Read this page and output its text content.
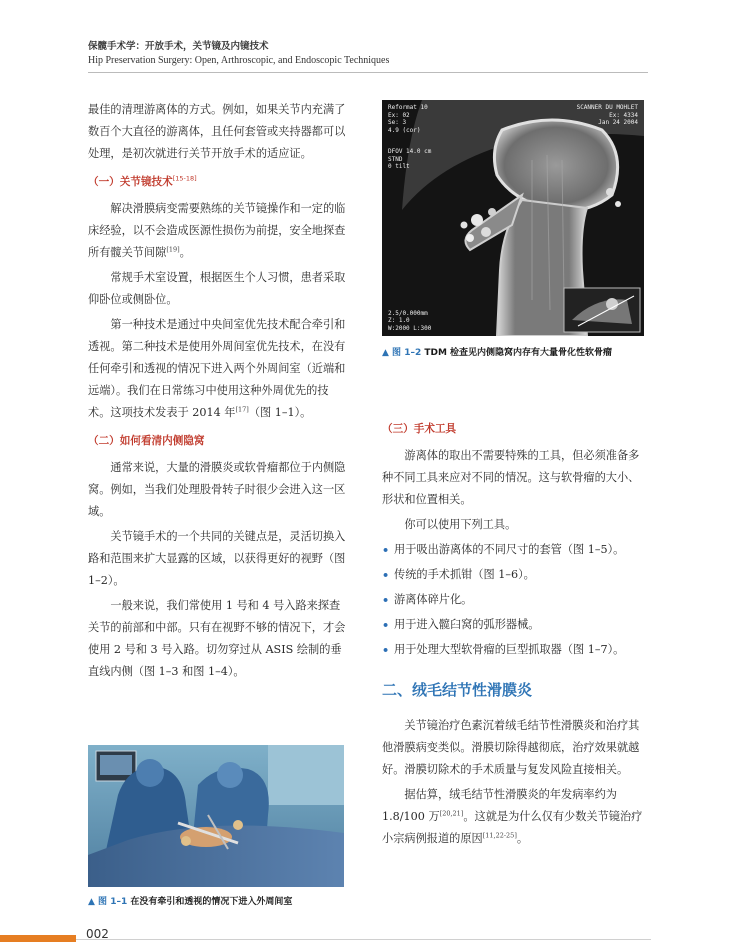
保髋手术学：开放手术，关节镜及内镜技术
Hip Preservation Surgery: Open, Arthroscopic, and Endoscopic Techniques

最佳的清理游离体的方式。例如，如果关节内充满了数百个大直径的游离体，且任何套管或夹持器都可以处理，是初次就进行关节开放手术的适应证。

（一）关节镜技术[15-18]

解决滑膜病变需要熟练的关节镜操作和一定的临床经验，以不会造成医源性损伤为前提，安全地探查所有髋关节间隙[19]。

常规手术室设置，根据医生个人习惯，患者采取仰卧位或侧卧位。

第一种技术是通过中央间室优先技术配合牵引和透视。第二种技术是使用外周间室优先技术，在没有任何牵引和透视的情况下进入两个外周间室（近端和远端）。我们在日常练习中使用这种外周优先的技术。这项技术发表于 2014 年[17]（图 1–1）。

（二）如何看清内侧隐窝

通常来说，大量的滑膜炎或软骨瘤都位于内侧隐窝。例如，当我们处理股骨转子时很少会进入这一区域。

关节镜手术的一个共同的关键点是，灵活切换入路和范围来扩大显露的区域，以获得更好的视野（图 1–2）。

一般来说，我们常使用 1 号和 4 号入路来探查关节的前部和中部。只有在视野不够的情况下，才会使用 2 号和 3 号入路。切勿穿过从 ASIS 绘制的垂直线内侧（图 1–3 和图 1–4）。

Reformat 10
Ex: 02
Se: 3
4.9 (cor)
DFOV 14.0 cm
STND
0 tilt
SCANNER DU MOHLET
Ex: 4334
Jan 24 2004
2.5/0.000mm
Z: 1.0
W:2000 L:300
▲ 图 1–2 TDM 检查见内侧隐窝内存有大量骨化性软骨瘤
（三）手术工具

游离体的取出不需要特殊的工具，但必须准备多种不同工具来应对不同的情况。这与软骨瘤的大小、形状和位置相关。

你可以使用下列工具。

• 用于吸出游离体的不同尺寸的套管（图 1–5）。
• 传统的手术抓钳（图 1–6）。
• 游离体碎片化。
• 用于进入髋臼窝的弧形器械。
• 用于处理大型软骨瘤的巨型抓取器（图 1–7）。
二、绒毛结节性滑膜炎

关节镜治疗色素沉着绒毛结节性滑膜炎和治疗其他滑膜病变类似。滑膜切除得越彻底，治疗效果就越好。滑膜切除术的手术质量与复发风险直接相关。

据估算，绒毛结节性滑膜炎的年发病率约为 1.8/100 万[20,21]。这就是为什么仅有少数关节镜治疗小宗病例报道的原因[11,22-25]。

▲ 图 1–1 在没有牵引和透视的情况下进入外周间室
002
